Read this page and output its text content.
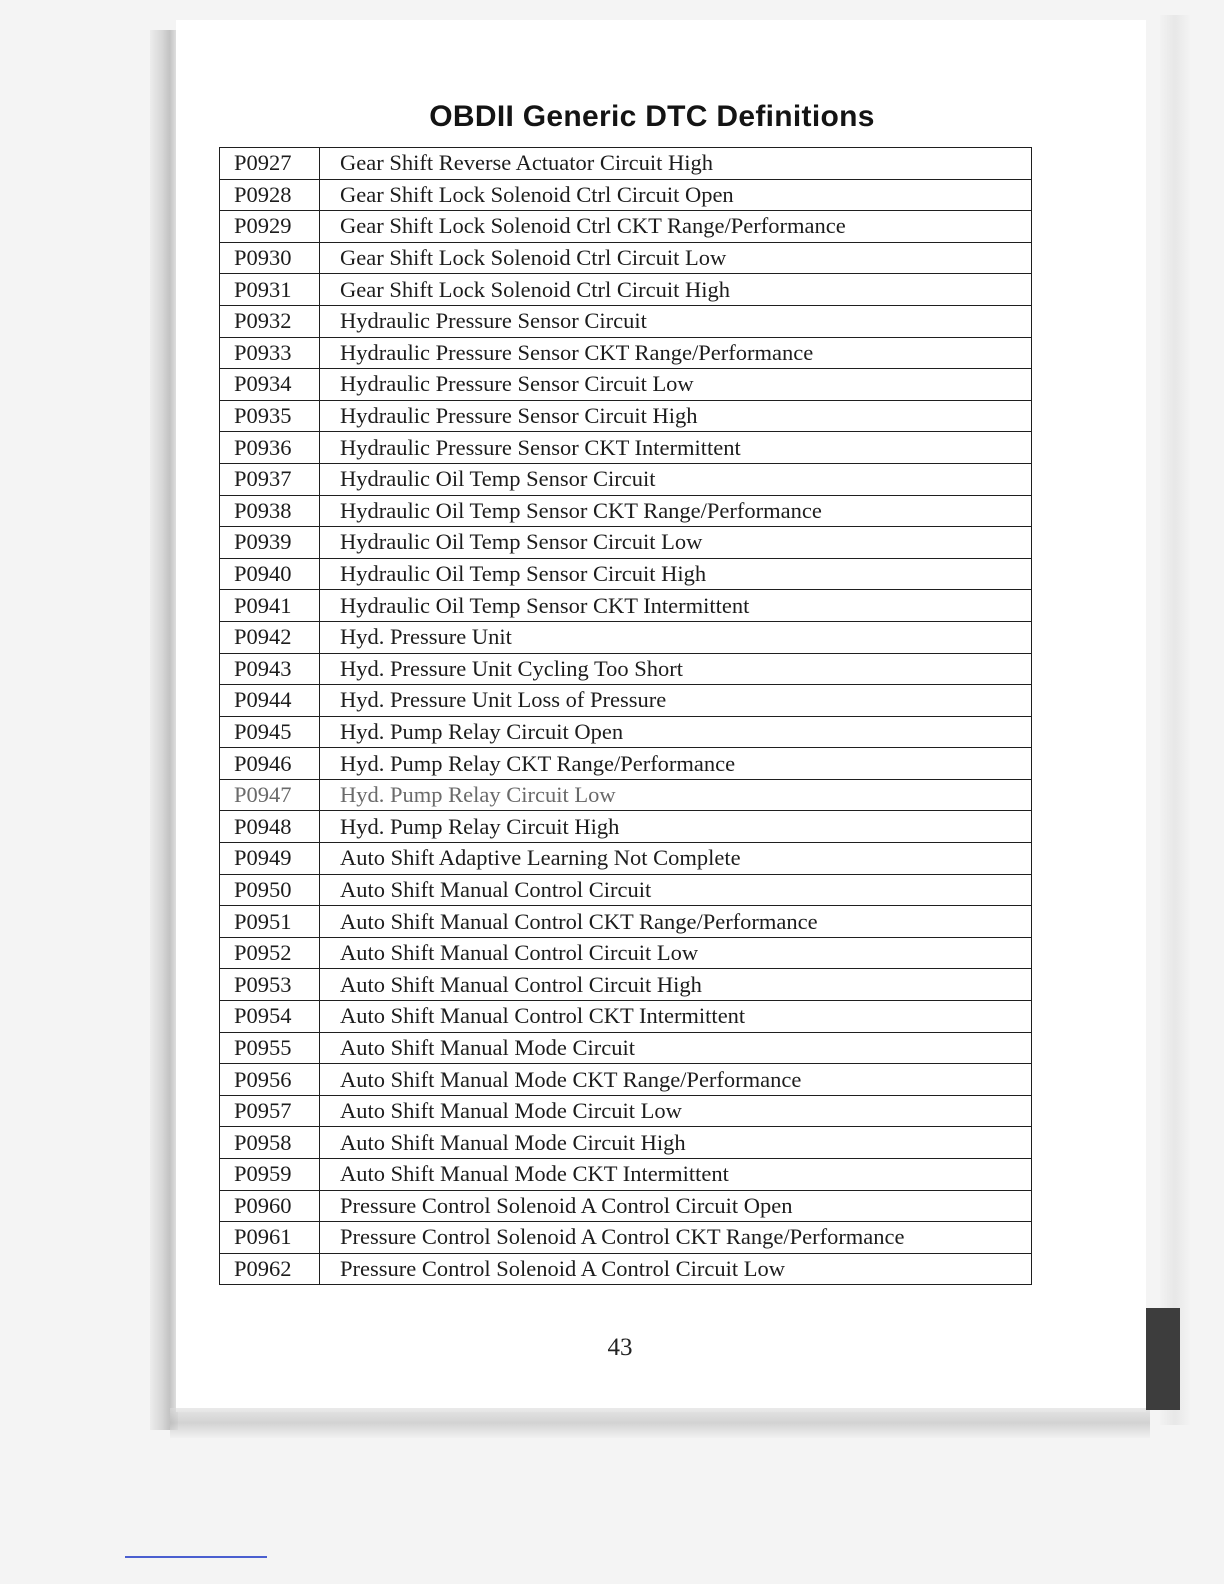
OBDII Generic DTC Definitions
P0927	Gear Shift Reverse Actuator Circuit High
P0928	Gear Shift Lock Solenoid Ctrl Circuit Open
P0929	Gear Shift Lock Solenoid Ctrl CKT Range/Performance
P0930	Gear Shift Lock Solenoid Ctrl Circuit Low
P0931	Gear Shift Lock Solenoid Ctrl Circuit High
P0932	Hydraulic Pressure Sensor Circuit
P0933	Hydraulic Pressure Sensor CKT Range/Performance
P0934	Hydraulic Pressure Sensor Circuit Low
P0935	Hydraulic Pressure Sensor Circuit High
P0936	Hydraulic Pressure Sensor CKT Intermittent
P0937	Hydraulic Oil Temp Sensor Circuit
P0938	Hydraulic Oil Temp Sensor CKT Range/Performance
P0939	Hydraulic Oil Temp Sensor Circuit Low
P0940	Hydraulic Oil Temp Sensor Circuit High
P0941	Hydraulic Oil Temp Sensor CKT Intermittent
P0942	Hyd. Pressure Unit
P0943	Hyd. Pressure Unit Cycling Too Short
P0944	Hyd. Pressure Unit Loss of Pressure
P0945	Hyd. Pump Relay Circuit Open
P0946	Hyd. Pump Relay CKT Range/Performance
P0947	Hyd. Pump Relay Circuit Low
P0948	Hyd. Pump Relay Circuit High
P0949	Auto Shift Adaptive Learning Not Complete
P0950	Auto Shift Manual Control Circuit
P0951	Auto Shift Manual Control CKT Range/Performance
P0952	Auto Shift Manual Control Circuit Low
P0953	Auto Shift Manual Control Circuit High
P0954	Auto Shift Manual Control CKT Intermittent
P0955	Auto Shift Manual Mode Circuit
P0956	Auto Shift Manual Mode CKT Range/Performance
P0957	Auto Shift Manual Mode Circuit Low
P0958	Auto Shift Manual Mode Circuit High
P0959	Auto Shift Manual Mode CKT Intermittent
P0960	Pressure Control Solenoid A Control Circuit Open
P0961	Pressure Control Solenoid A Control CKT Range/Performance
P0962	Pressure Control Solenoid A Control Circuit Low
43
